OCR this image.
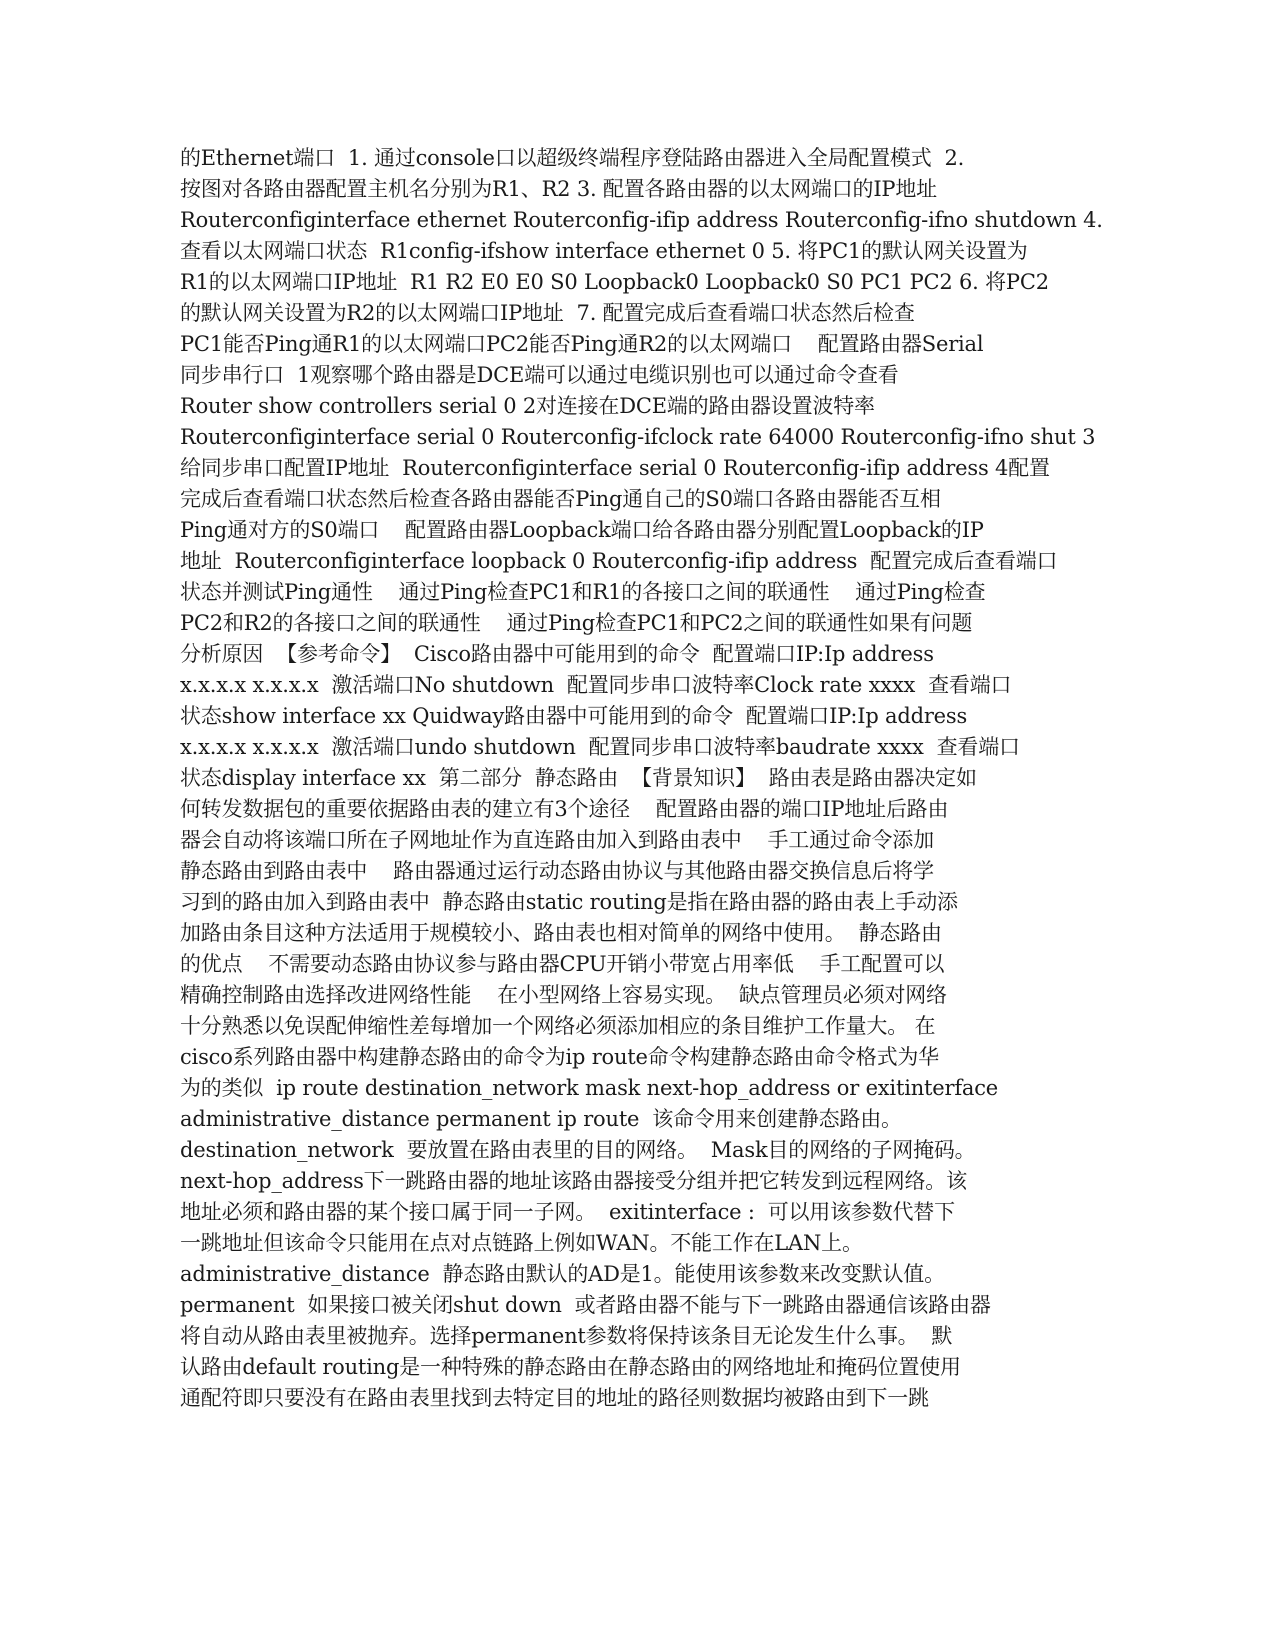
的Ethernet端口  1. 通过console口以超级终端程序登陆路由器进入全局配置模式  2.
按图对各路由器配置主机名分别为R1、R2 3. 配置各路由器的以太网端口的IP地址
Routerconfiginterface ethernet Routerconfig-ifip address Routerconfig-ifno shutdown 4.
查看以太网端口状态  R1config-ifshow interface ethernet 0 5. 将PC1的默认网关设置为
R1的以太网端口IP地址  R1 R2 E0 E0 S0 Loopback0 Loopback0 S0 PC1 PC2 6. 将PC2
的默认网关设置为R2的以太网端口IP地址  7. 配置完成后查看端口状态然后检查
PC1能否Ping通R1的以太网端口PC2能否Ping通R2的以太网端口    配置路由器Serial
同步串行口  1观察哪个路由器是DCE端可以通过电缆识别也可以通过命令查看
Router show controllers serial 0 2对连接在DCE端的路由器设置波特率
Routerconfiginterface serial 0 Routerconfig-ifclock rate 64000 Routerconfig-ifno shut 3
给同步串口配置IP地址  Routerconfiginterface serial 0 Routerconfig-ifip address 4配置
完成后查看端口状态然后检查各路由器能否Ping通自己的S0端口各路由器能否互相
Ping通对方的S0端口    配置路由器Loopback端口给各路由器分别配置Loopback的IP
地址  Routerconfiginterface loopback 0 Routerconfig-ifip address  配置完成后查看端口
状态并测试Ping通性    通过Ping检查PC1和R1的各接口之间的联通性    通过Ping检查
PC2和R2的各接口之间的联通性    通过Ping检查PC1和PC2之间的联通性如果有问题
分析原因  【参考命令】  Cisco路由器中可能用到的命令  配置端口IP:Ip address
x.x.x.x x.x.x.x  激活端口No shutdown  配置同步串口波特率Clock rate xxxx  查看端口
状态show interface xx Quidway路由器中可能用到的命令  配置端口IP:Ip address
x.x.x.x x.x.x.x  激活端口undo shutdown  配置同步串口波特率baudrate xxxx  查看端口
状态display interface xx  第二部分  静态路由  【背景知识】  路由表是路由器决定如
何转发数据包的重要依据路由表的建立有3个途径    配置路由器的端口IP地址后路由
器会自动将该端口所在子网地址作为直连路由加入到路由表中    手工通过命令添加
静态路由到路由表中    路由器通过运行动态路由协议与其他路由器交换信息后将学
习到的路由加入到路由表中  静态路由static routing是指在路由器的路由表上手动添
加路由条目这种方法适用于规模较小、路由表也相对简单的网络中使用。  静态路由
的优点    不需要动态路由协议参与路由器CPU开销小带宽占用率低    手工配置可以
精确控制路由选择改进网络性能    在小型网络上容易实现。  缺点管理员必须对网络
十分熟悉以免误配伸缩性差每增加一个网络必须添加相应的条目维护工作量大。 在
cisco系列路由器中构建静态路由的命令为ip route命令构建静态路由命令格式为华
为的类似  ip route destination_network mask next-hop_address or exitinterface
administrative_distance permanent ip route  该命令用来创建静态路由。
destination_network  要放置在路由表里的目的网络。  Mask目的网络的子网掩码。
next-hop_address下一跳路由器的地址该路由器接受分组并把它转发到远程网络。该
地址必须和路由器的某个接口属于同一子网。  exitinterface :  可以用该参数代替下
一跳地址但该命令只能用在点对点链路上例如WAN。不能工作在LAN上。
administrative_distance  静态路由默认的AD是1。能使用该参数来改变默认值。
permanent  如果接口被关闭shut down  或者路由器不能与下一跳路由器通信该路由器
将自动从路由表里被抛弃。选择permanent参数将保持该条目无论发生什么事。  默
认路由default routing是一种特殊的静态路由在静态路由的网络地址和掩码位置使用
通配符即只要没有在路由表里找到去特定目的地址的路径则数据均被路由到下一跳
